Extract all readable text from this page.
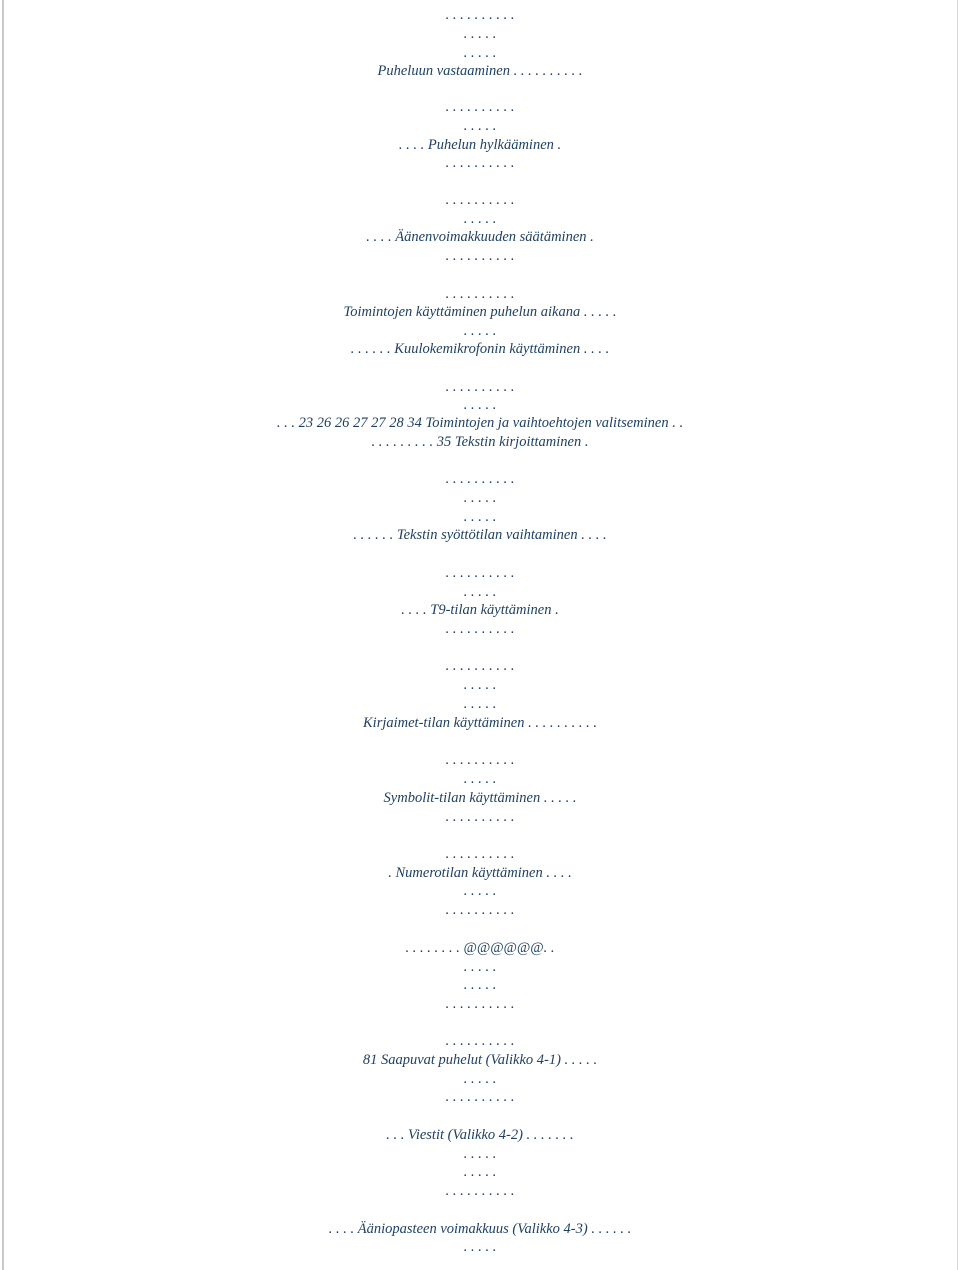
. . . . . . . . . .
. . . . .
. . . . .
Puheluun vastaaminen . . . . . . . . . .
. . . . . . . . . .
. . . . .
. . . . Puhelun hylkääminen .
. . . . . . . . . .
. . . . . . . . . .
. . . . .
. . . . Äänenvoimakkuuden säätäminen .
. . . . . . . . . .
. . . . . . . . . .
Toimintojen käyttäminen puhelun aikana . . . . .
. . . . .
. . . . . . Kuulokemikrofonin käyttäminen . . . .
. . . . . . . . . .
. . . . .
. . . 23 26 26 27 27 28 34 Toimintojen ja vaihtoehtojen valitseminen . .
. . . . . . . . . 35 Tekstin kirjoittaminen .
. . . . . . . . . .
. . . . .
. . . . .
. . . . . . Tekstin syöttötilan vaihtaminen . . . .
. . . . . . . . . .
. . . . .
. . . . T9-tilan käyttäminen .
. . . . . . . . . .
. . . . . . . . . .
. . . . .
. . . . .
Kirjaimet-tilan käyttäminen . . . . . . . . . .
. . . . . . . . . .
. . . . .
Symbolit-tilan käyttäminen . . . . .
. . . . . . . . . .
. . . . . . . . . .
. Numerotilan käyttäminen . . . .
. . . . .
. . . . . . . . . .
. . . . . . . . @@@@@@. .
. . . . .
. . . . .
. . . . . . . . . .
. . . . . . . . . .
81 Saapuvat puhelut (Valikko 4-1) . . . . .
. . . . .
. . . . . . . . . .
. . . Viestit (Valikko 4-2) . . . . . . .
. . . . .
. . . . .
. . . . . . . . . .
. . . . Ääniopasteen voimakkuus (Valikko 4-3) . . . . . .
. . . . .
